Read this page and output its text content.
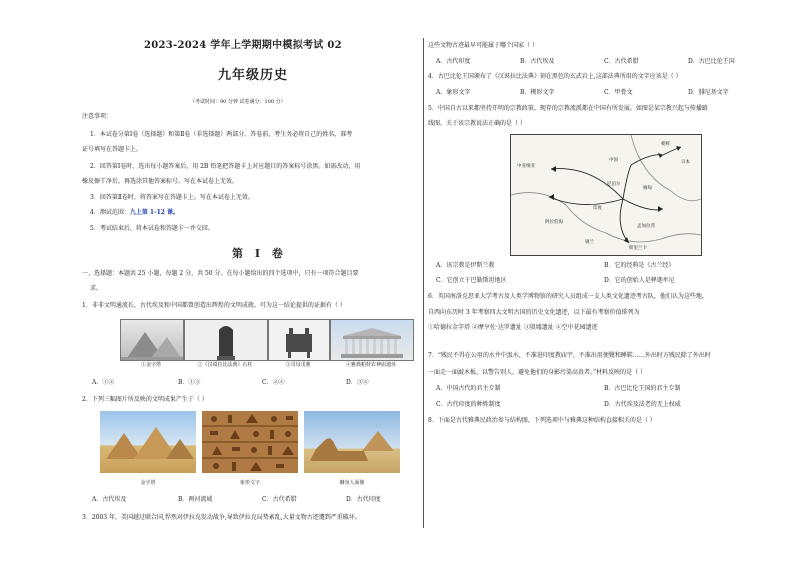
2023-2024 学年上学期期中模拟考试 02
九年级历史
（考试时间：90 分钟 试卷满分：100 分）
注意事项：
1．本试卷分第Ⅰ卷（选择题）和第Ⅱ卷（非选择题）两部分。答卷前，考生务必将自己的姓名、准考
证号填写在答题卡上。
2．回答第Ⅰ卷时，选出每小题答案后，用 2B 铅笔把答题卡上对应题目的答案标号涂黑。如需改动，用
橡皮擦干净后，再选涂其他答案标号。写在本试卷上无效。
3．回答第Ⅱ卷时，将答案写在答题卡上。写在本试卷上无效。
4．测试范围：九上第 1-12 课。
5．考试结束后，将本试卷和答题卡一并交回。
第 Ⅰ 卷
一、选择题：本题共 25 小题，每题 2 分，共 50 分。在每小题给出的四个选项中，只有一项符合题目要
求。
1．非非文明通流长，古代埃及和中国都曾创造出辉煌的文明成就。可为这一结论提供的证据有（ ）
①金字塔	②《汉谟拉比法典》石柱	③司母戊鼎	④雅典帕特农神庙遗址
A．①②	B．①③	C．②④	D．③④
2．下列三幅图片所反映的文明成果产生于（ ）
金字塔	象形文字	狮身人面像
A．古代埃及	B．两河流域	C．古代希腊	D．古代印度
3．2003 年，美国越过联合国,悍然对伊拉克发动战争,导致伊拉克局势紊乱,大量文物古迹遭到严重破坏。
这些文物古迹最早可能属于哪个国家（ ）
A．古代印度	B．古代埃及	C．古代希腊	D．古巴比伦王国
4．古巴比伦王国颁布了《汉谟拉比法典》刻在黑色的玄武岩上,这部法典所用的文字应该是（ ）
A．象形文字	B．楔形文字	C．甲骨文	D．腓尼基文字
5．中国自古以来都坚持开明的宗教政策，现存的宗教流派都在中国有所发展。如图是某宗教兴起与传播路
线图。关于该宗教说法正确的是（ ）
中亚细亚
中国
朝鲜
日本
缅甸
锡兰
斯里兰卡
尼泊尔
印度
孟加拉湾
阿拉伯海
A．该宗教是伊斯兰教	B．它的经典是《古兰经》
C．它创立于巴勒斯坦地区	D．它的创始人是释迦牟尼
6．英国南洛克思亚大学考古及人类学博物馆的研究人员组成一支人类文化遗迹考古队，他们认为这些地，
自西向东历时 3 年考察四大文明古国的历史文化遗迹，以下最有考察价值排列为
①哈德拉金字塔 ②摩亨佐·达罗遗址 ③殷墟遗址 ④空中花园遗迹
7．“贱民不得在公用的水井中汲水，不准进印度教庙宇，不准出用便靴和睡鞋……外出时方贱民除了外出时
一面走一面敲木板，以警告别人，避免他们的身影污染高贵者。”材料反映的是（ ）
A．中国古代的君主专制	B．古巴比伦王国的君主专制
C．古代印度的种姓制度	D．古代埃及法老的无上权威
8．下面是古代雅典民政治参与结构图，下列选项中与雅典这种结构直接相关的是（ ）
